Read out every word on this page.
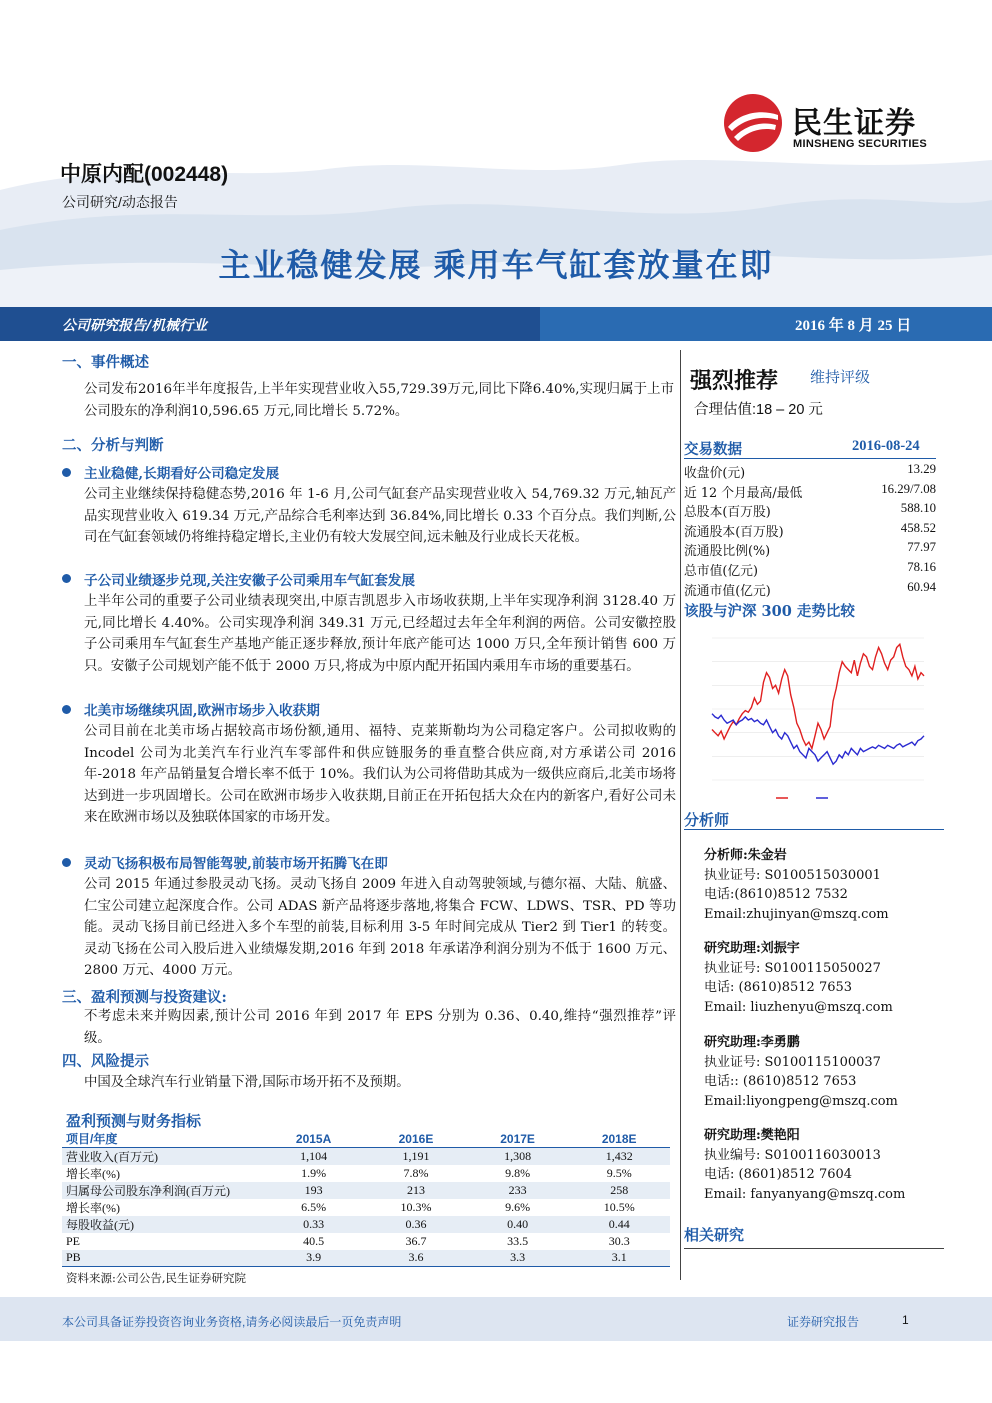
民生证券
MINSHENG SECURITIES
中原内配(002448)
公司研究/动态报告
主业稳健发展 乘用车气缸套放量在即
公司研究报告/机械行业	2016 年 8 月 25 日
一、事件概述
公司发布2016年半年度报告,上半年实现营业收入55,729.39万元,同比下降6.40%,实现归属于上市公司股东的净利润10,596.65 万元,同比增长 5.72%。
二、分析与判断
主业稳健,长期看好公司稳定发展
公司主业继续保持稳健态势,2016 年 1-6 月,公司气缸套产品实现营业收入 54,769.32 万元,轴瓦产品实现营业收入 619.34 万元,产品综合毛利率达到 36.84%,同比增长 0.33 个百分点。我们判断,公司在气缸套领域仍将维持稳定增长,主业仍有较大发展空间,远未触及行业成长天花板。
子公司业绩逐步兑现,关注安徽子公司乘用车气缸套发展
上半年公司的重要子公司业绩表现突出,中原吉凯恩步入市场收获期,上半年实现净利润 3128.40 万元,同比增长 4.40%。公司实现净利润 349.31 万元,已经超过去年全年利润的两倍。公司安徽控股子公司乘用车气缸套生产基地产能正逐步释放,预计年底产能可达 1000 万只,全年预计销售 600 万只。安徽子公司规划产能不低于 2000 万只,将成为中原内配开拓国内乘用车市场的重要基石。
北美市场继续巩固,欧洲市场步入收获期
公司目前在北美市场占据较高市场份额,通用、福特、克莱斯勒均为公司稳定客户。公司拟收购的 Incodel 公司为北美汽车行业汽车零部件和供应链服务的垂直整合供应商,对方承诺公司 2016 年-2018 年产品销量复合增长率不低于 10%。我们认为公司将借助其成为一级供应商后,北美市场将达到进一步巩固增长。公司在欧洲市场步入收获期,目前正在开拓包括大众在内的新客户,看好公司未来在欧洲市场以及独联体国家的市场开发。
灵动飞扬积极布局智能驾驶,前装市场开拓腾飞在即
公司 2015 年通过参股灵动飞扬。灵动飞扬自 2009 年进入自动驾驶领域,与德尔福、大陆、航盛、仁宝公司建立起深度合作。公司 ADAS 新产品将逐步落地,将集合 FCW、LDWS、TSR、PD 等功能。灵动飞扬目前已经进入多个车型的前装,目标利用 3-5 年时间完成从 Tier2 到 Tier1 的转变。灵动飞扬在公司入股后进入业绩爆发期,2016 年到 2018 年承诺净利润分别为不低于 1600 万元、2800 万元、4000 万元。
三、盈利预测与投资建议:
不考虑未来并购因素,预计公司 2016 年到 2017 年 EPS 分别为 0.36、0.40,维持“强烈推荐”评级。
四、风险提示
中国及全球汽车行业销量下滑,国际市场开拓不及预期。
盈利预测与财务指标
项目/年度	2015A	2016E	2017E	2018E
营业收入(百万元)	1,104	1,191	1,308	1,432
增长率(%)	1.9%	7.8%	9.8%	9.5%
归属母公司股东净利润(百万元)	193	213	233	258
增长率(%)	6.5%	10.3%	9.6%	10.5%
每股收益(元)	0.33	0.36	0.40	0.44
PE	40.5	36.7	33.5	30.3
PB	3.9	3.6	3.3	3.1
资料来源:公司公告,民生证券研究院
强烈推荐 维持评级
合理估值:18 – 20 元
交易数据	2016-08-24
收盘价(元)	13.29
近 12 个月最高/最低	16.29/7.08
总股本(百万股)	588.10
流通股本(百万股)	458.52
流通股比例(%)	77.97
总市值(亿元)	78.16
流通市值(亿元)	60.94
该股与沪深 300 走势比较
分析师
分析师:朱金岩
执业证号: S0100515030001
电话:(8610)8512 7532
Email:zhujinyan@mszq.com
研究助理:刘振宇
执业证号: S0100115050027
电话: (8610)8512 7653
Email: liuzhenyu@mszq.com
研究助理:李勇鹏
执业证号: S0100115100037
电话:: (8610)8512 7653
Email:liyongpeng@mszq.com
研究助理:樊艳阳
执业编号: S0100116030013
电话: (8601)8512 7604
Email: fanyanyang@mszq.com
相关研究
本公司具备证券投资咨询业务资格,请务必阅读最后一页免责声明	证券研究报告	1
